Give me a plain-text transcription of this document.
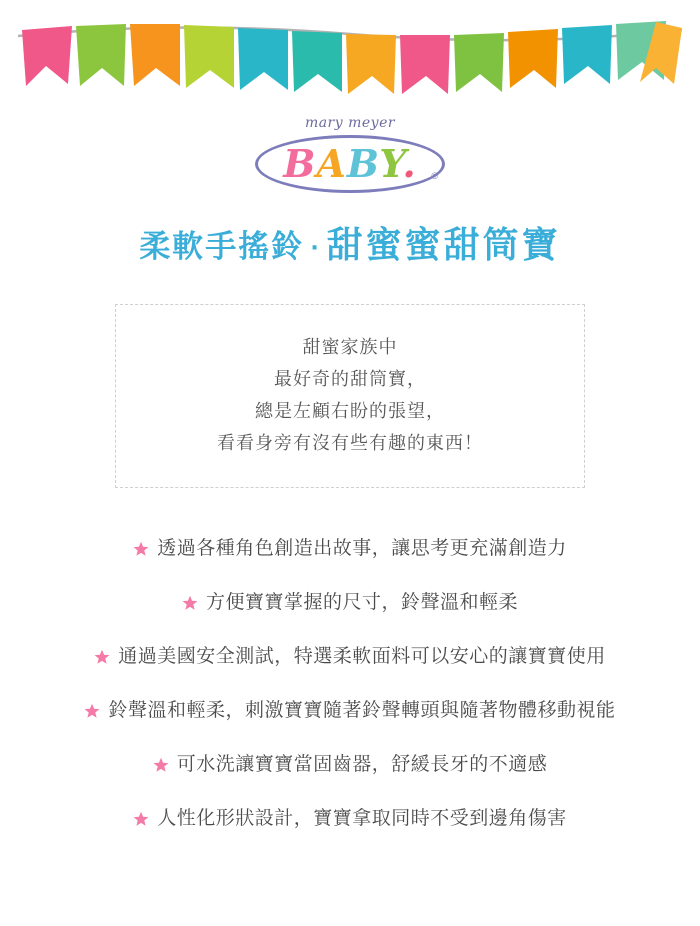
mary meyer
BABY. ®
柔軟手搖鈴 · 甜蜜蜜甜筒寶
甜蜜家族中
最好奇的甜筒寶，
總是左顧右盼的張望，
看看身旁有沒有些有趣的東西！
透過各種角色創造出故事，讓思考更充滿創造力
方便寶寶掌握的尺寸，鈴聲溫和輕柔
通過美國安全測試，特選柔軟面料可以安心的讓寶寶使用
鈴聲溫和輕柔，刺激寶寶隨著鈴聲轉頭與隨著物體移動視能
可水洗讓寶寶當固齒器，舒緩長牙的不適感
人性化形狀設計，寶寶拿取同時不受到邊角傷害
